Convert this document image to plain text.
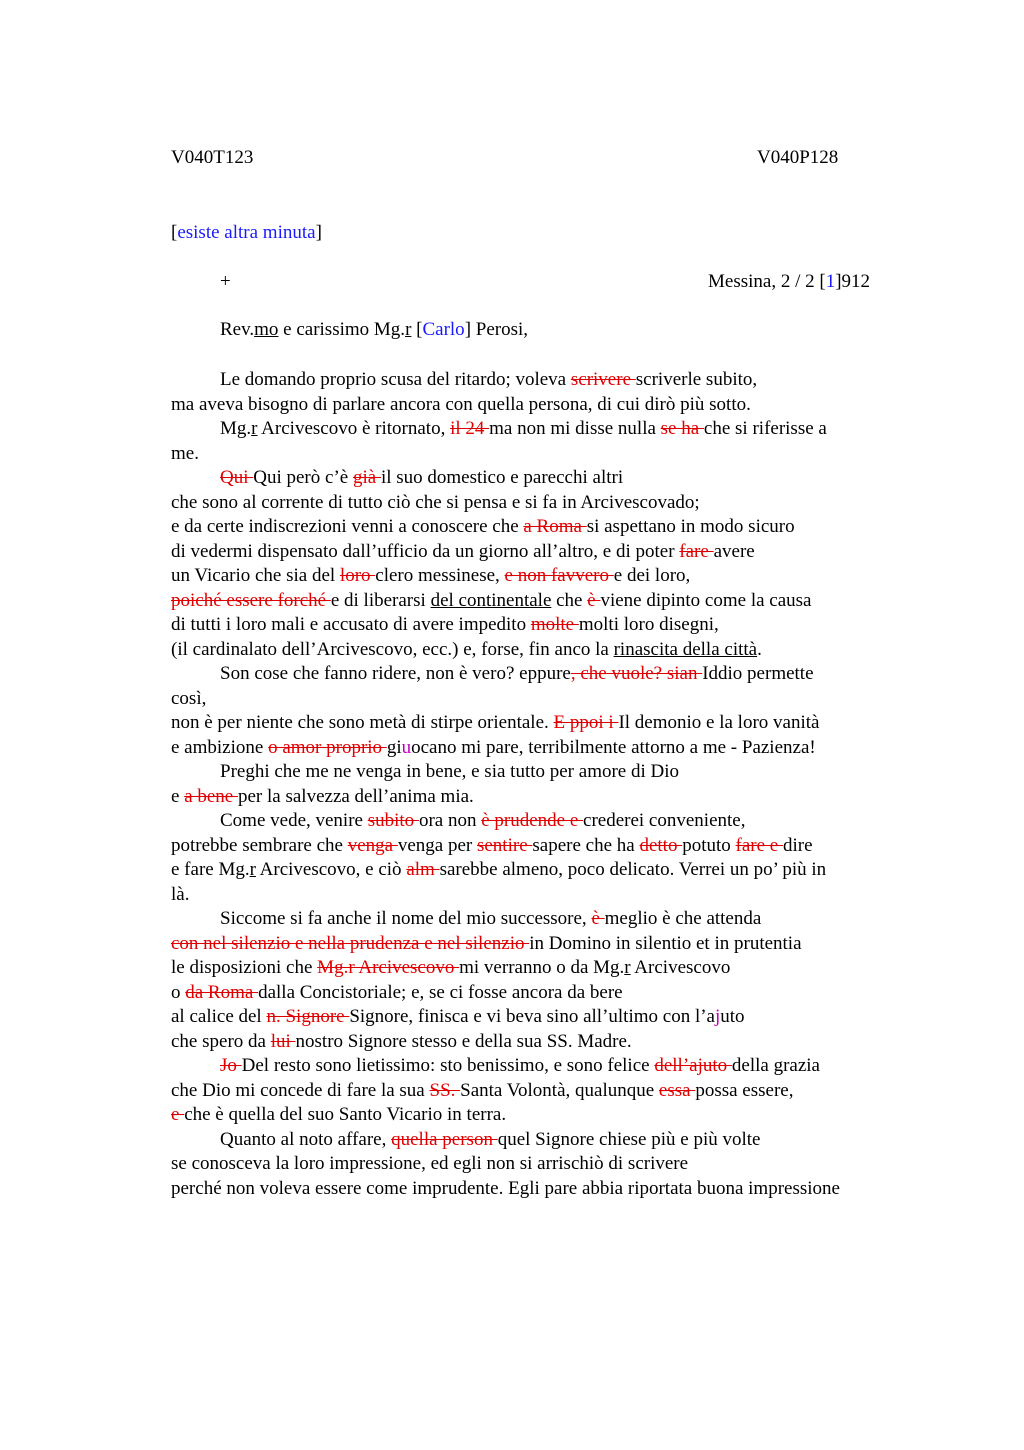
V040T123	V040P128
[esiste altra minuta]
+	Messina, 2 / 2 [1]912
Rev.mo e carissimo Mg.r [Carlo] Perosi,
Le domando proprio scusa del ritardo; voleva scrivere scriverle subito,
ma aveva bisogno di parlare ancora con quella persona, di cui dirò più sotto.
Mg.r Arcivescovo è ritornato, il 24 ma non mi disse nulla se ha che si riferisse a
me.
Qui Qui però c’è già il suo domestico e parecchi altri
che sono al corrente di tutto ciò che si pensa e si fa in Arcivescovado;
e da certe indiscrezioni venni a conoscere che a Roma si aspettano in modo sicuro
di vedermi dispensato dall’ufficio da un giorno all’altro, e di poter fare avere
un Vicario che sia del loro clero messinese, e non favvero e dei loro,
poiché essere forché e di liberarsi del continentale che è viene dipinto come la causa
di tutti i loro mali e accusato di avere impedito molte molti loro disegni,
(il cardinalato dell’Arcivescovo, ecc.) e, forse, fin anco la rinascita della città.
Son cose che fanno ridere, non è vero? eppure, che vuole? sian Iddio permette
così,
non è per niente che sono metà di stirpe orientale. E ppoi i Il demonio e la loro vanità
e ambizione o amor proprio giuocano mi pare, terribilmente attorno a me - Pazienza!
Preghi che me ne venga in bene, e sia tutto per amore di Dio
e a bene per la salvezza dell’anima mia.
Come vede, venire subito ora non è prudende e crederei conveniente,
potrebbe sembrare che venga venga per sentire sapere che ha detto potuto fare e dire
e fare Mg.r Arcivescovo, e ciò alm sarebbe almeno, poco delicato. Verrei un po’ più in
là.
Siccome si fa anche il nome del mio successore, è meglio è che attenda
con nel silenzio e nella prudenza e nel silenzio in Domino in silentio et in prutentia
le disposizioni che Mg.r Arcivescovo mi verranno o da Mg.r Arcivescovo
o da Roma dalla Concistoriale; e, se ci fosse ancora da bere
al calice del n. Signore Signore, finisca e vi beva sino all’ultimo con l’ajuto
che spero da lui nostro Signore stesso e della sua SS. Madre.
Jo Del resto sono lietissimo: sto benissimo, e sono felice dell’ajuto della grazia
che Dio mi concede di fare la sua SS. Santa Volontà, qualunque essa possa essere,
e che è quella del suo Santo Vicario in terra.
Quanto al noto affare, quella person quel Signore chiese più e più volte
se conosceva la loro impressione, ed egli non si arrischiò di scrivere
perché non voleva essere come imprudente. Egli pare abbia riportata buona impressione
